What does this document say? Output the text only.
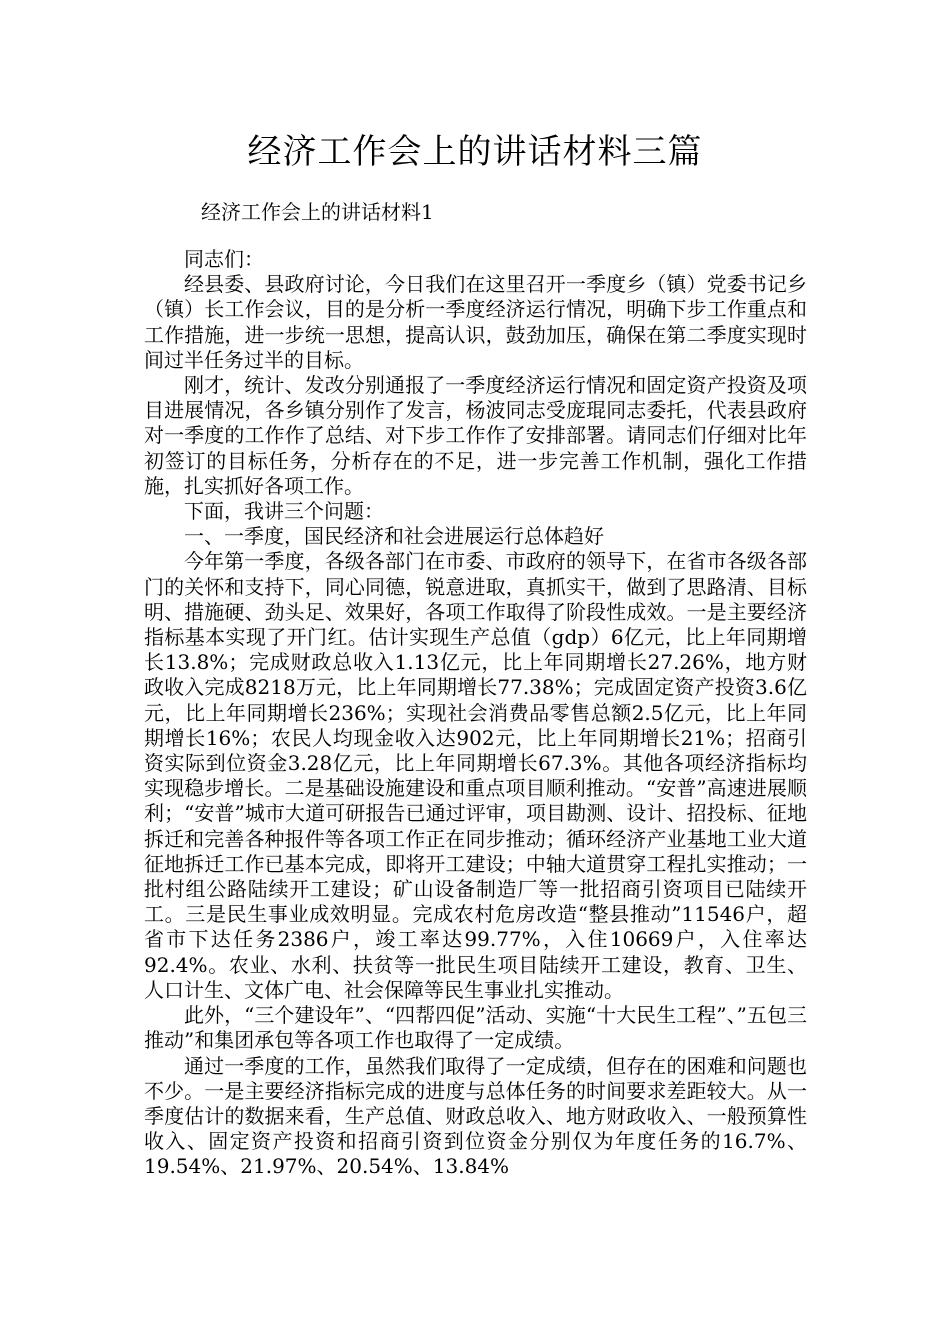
经济工作会上的讲话材料三篇
经济工作会上的讲话材料1

同志们：

经县委、县政府讨论，今日我们在这里召开一季度乡（镇）党委书记乡（镇）长工作会议，目的是分析一季度经济运行情况，明确下步工作重点和工作措施，进一步统一思想，提高认识，鼓劲加压，确保在第二季度实现时间过半任务过半的目标。

刚才，统计、发改分别通报了一季度经济运行情况和固定资产投资及项目进展情况，各乡镇分别作了发言，杨波同志受庞琨同志委托，代表县政府对一季度的工作作了总结、对下步工作作了安排部署。请同志们仔细对比年初签订的目标任务，分析存在的不足，进一步完善工作机制，强化工作措施，扎实抓好各项工作。

下面，我讲三个问题：

一、一季度，国民经济和社会进展运行总体趋好

今年第一季度，各级各部门在市委、市政府的领导下，在省市各级各部门的关怀和支持下，同心同德，锐意进取，真抓实干，做到了思路清、目标明、措施硬、劲头足、效果好，各项工作取得了阶段性成效。一是主要经济指标基本实现了开门红。估计实现生产总值（gdp）6亿元，比上年同期增长13.8%；完成财政总收入1.13亿元，比上年同期增长27.26%，地方财政收入完成8218万元，比上年同期增长77.38%；完成固定资产投资3.6亿元，比上年同期增长236%；实现社会消费品零售总额2.5亿元，比上年同期增长16%；农民人均现金收入达902元，比上年同期增长21%；招商引资实际到位资金3.28亿元，比上年同期增长67.3%。其他各项经济指标均实现稳步增长。二是基础设施建设和重点项目顺利推动。“安普”高速进展顺利；“安普”城市大道可研报告已通过评审，项目勘测、设计、招投标、征地拆迁和完善各种报件等各项工作正在同步推动；循环经济产业基地工业大道征地拆迁工作已基本完成，即将开工建设；中轴大道贯穿工程扎实推动；一批村组公路陆续开工建设；矿山设备制造厂等一批招商引资项目已陆续开工。三是民生事业成效明显。完成农村危房改造“整县推动”11546户，超省市下达任务2386户，竣工率达99.77%，入住10669户，入住率达92.4%。农业、水利、扶贫等一批民生项目陆续开工建设，教育、卫生、人口计生、文体广电、社会保障等民生事业扎实推动。

此外，“三个建设年”、“四帮四促”活动、实施“十大民生工程”、”五包三推动”和集团承包等各项工作也取得了一定成绩。

通过一季度的工作，虽然我们取得了一定成绩，但存在的困难和问题也不少。一是主要经济指标完成的进度与总体任务的时间要求差距较大。从一季度估计的数据来看，生产总值、财政总收入、地方财政收入、一般预算性收入、固定资产投资和招商引资到位资金分别仅为年度任务的16.7%、19.54%、21.97%、20.54%、13.84%
